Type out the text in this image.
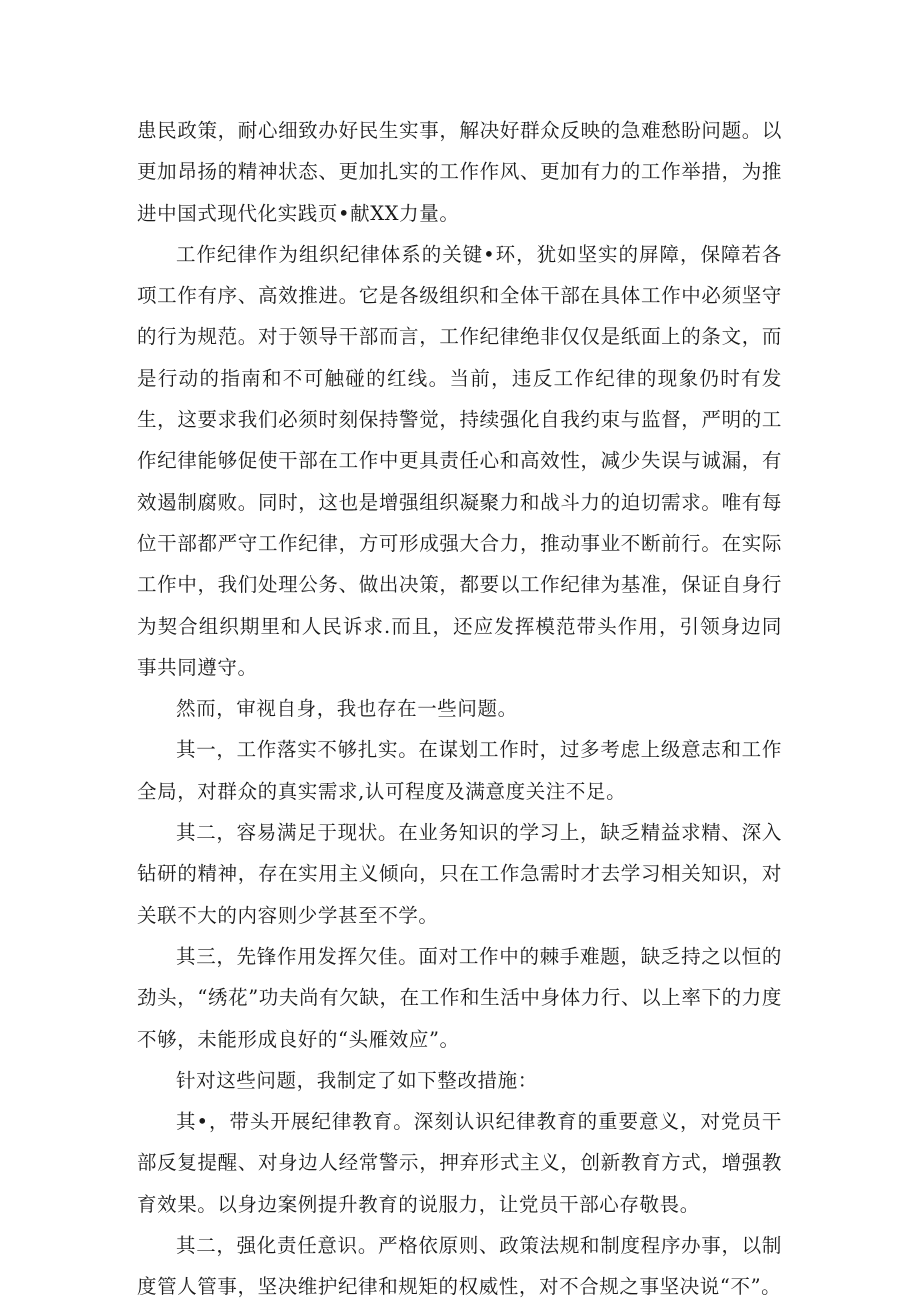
患民政策，耐心细致办好民生实事，解决好群众反映的急难愁盼问题。以更加昂扬的精神状态、更加扎实的工作作风、更加有力的工作举措，为推进中国式现代化实践页•献XX力量。

工作纪律作为组织纪律体系的关键•环，犹如坚实的屏障，保障若各项工作有序、高效推进。它是各级组织和全体干部在具体工作中必须坚守的行为规范。对于领导干部而言，工作纪律绝非仅仅是纸面上的条文，而是行动的指南和不可触碰的红线。当前，违反工作纪律的现象仍时有发生，这要求我们必须时刻保持警觉，持续强化自我约束与监督，严明的工作纪律能够促使干部在工作中更具责任心和高效性，减少失误与诚漏，有效遏制腐败。同时，这也是增强组织凝聚力和战斗力的迫切需求。唯有每位干部都严守工作纪律，方可形成强大合力，推动事业不断前行。在实际工作中，我们处理公务、做出决策，都要以工作纪律为基准，保证自身行为契合组织期里和人民诉求.而且，还应发挥模范带头作用，引领身边同事共同遵守。

然而，审视自身，我也存在一些问题。

其一，工作落实不够扎实。在谋划工作时，过多考虑上级意志和工作全局，对群众的真实需求,认可程度及满意度关注不足。

其二，容易满足于现状。在业务知识的学习上，缺乏精益求精、深入钻研的精神，存在实用主义倾向，只在工作急需时才去学习相关知识，对关联不大的内容则少学甚至不学。

其三，先锋作用发挥欠佳。面对工作中的棘手难题，缺乏持之以恒的劲头，“绣花”功夫尚有欠缺，在工作和生活中身体力行、以上率下的力度不够，未能形成良好的“头雁效应”。

针对这些问题，我制定了如下整改措施：

其•，带头开展纪律教育。深刻认识纪律教育的重要意义，对党员干部反复提醒、对身边人经常警示，押弃形式主义，创新教育方式，增强教育效果。以身边案例提升教育的说服力，让党员干部心存敬畏。

其二，强化责任意识。严格依原则、政策法规和制度程序办事，以制度管人管事，坚决维护纪律和规矩的权威性，对不合规之事坚决说“不”。
